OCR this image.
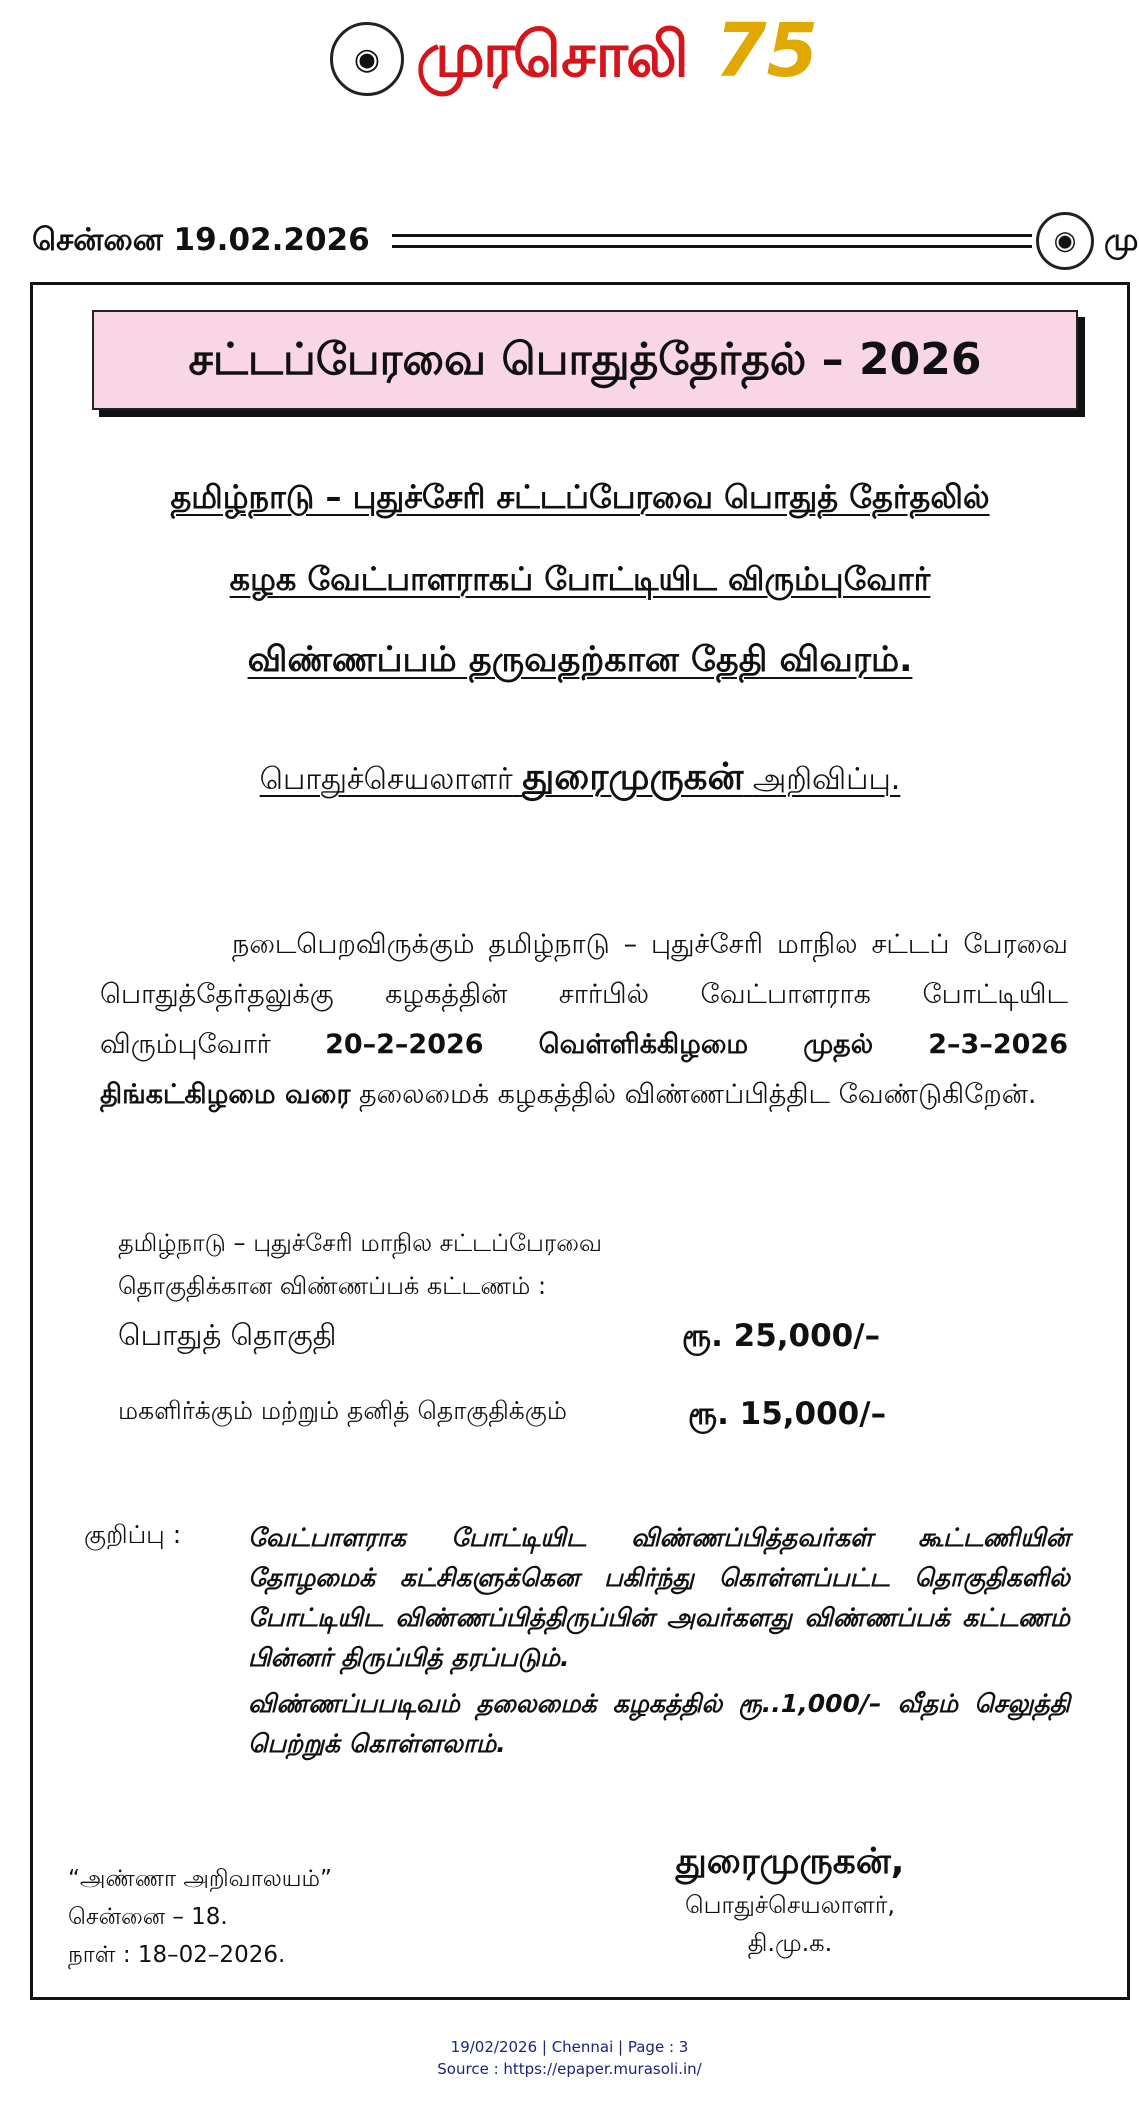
◉ முரசொலி 75
சென்னை 19.02.2026	◉ மு
சட்டப்பேரவை பொதுத்தேர்தல் – 2026
தமிழ்நாடு – புதுச்சேரி சட்டப்பேரவை பொதுத் தேர்தலில்
கழக வேட்பாளராகப் போட்டியிட விரும்புவோர்
விண்ணப்பம் தருவதற்கான தேதி விவரம்.
பொதுச்செயலாளர் துரைமுருகன் அறிவிப்பு.
நடைபெறவிருக்கும் தமிழ்நாடு – புதுச்சேரி மாநில சட்டப் பேரவை பொதுத்தேர்தலுக்கு கழகத்தின் சார்பில் வேட்பாளராக போட்டியிட விரும்புவோர் 20–2–2026 வெள்ளிக்கிழமை முதல் 2–3–2026 திங்கட்கிழமை வரை தலைமைக் கழகத்தில் விண்ணப்பித்திட வேண்டுகிறேன்.
தமிழ்நாடு – புதுச்சேரி மாநில சட்டப்பேரவை
தொகுதிக்கான விண்ணப்பக் கட்டணம் :
பொதுத் தொகுதி	ரூ. 25,000/–
மகளிர்க்கும் மற்றும் தனித் தொகுதிக்கும்	ரூ. 15,000/–
குறிப்பு :	வேட்பாளராக போட்டியிட விண்ணப்பித்தவர்கள் கூட்டணியின் தோழமைக் கட்சிகளுக்கென பகிர்ந்து கொள்ளப்பட்ட தொகுதிகளில் போட்டியிட விண்ணப்பித்திருப்பின் அவர்களது விண்ணப்பக் கட்டணம் பின்னர் திருப்பித் தரப்படும்.
விண்ணப்பபடிவம் தலைமைக் கழகத்தில் ரூ..1,000/– வீதம் செலுத்தி பெற்றுக் கொள்ளலாம்.
“அண்ணா அறிவாலயம்”
சென்னை – 18.
நாள் : 18–02–2026.
துரைமுருகன்,
பொதுச்செயலாளர்,
தி.மு.க.
19/02/2026 | Chennai | Page : 3
Source : https://epaper.murasoli.in/
